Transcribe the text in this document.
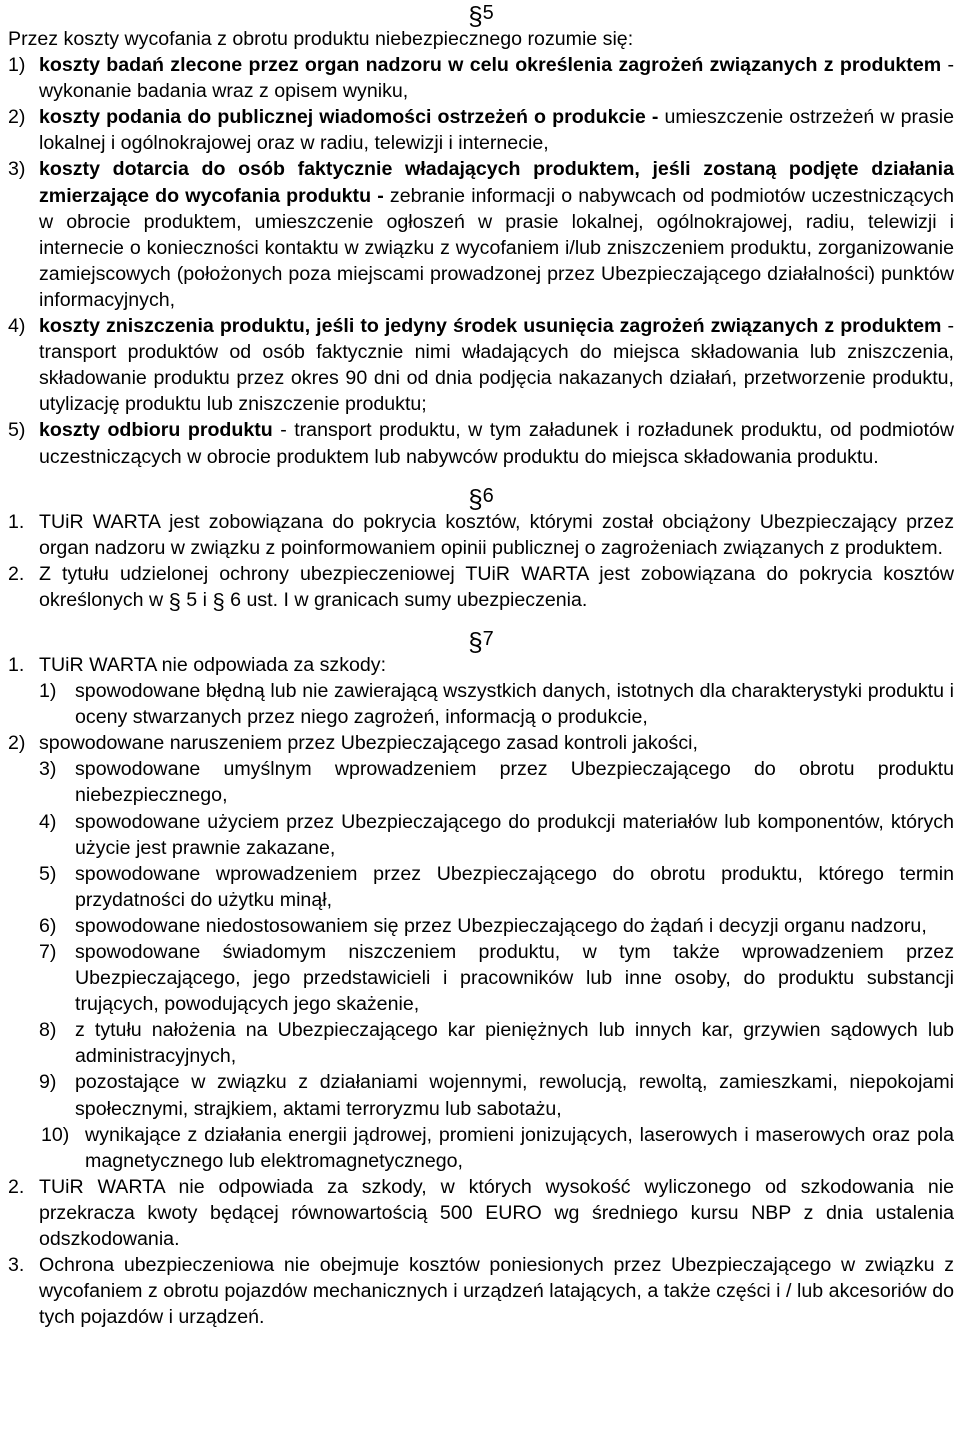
§5

Przez koszty wycofania z obrotu produktu niebezpiecznego rozumie się:

1) koszty badań zlecone przez organ nadzoru w celu określenia zagrożeń związanych z produktem - wykonanie badania wraz z opisem wyniku,

2) koszty podania do publicznej wiadomości ostrzeżeń o produkcie - umieszczenie ostrzeżeń w prasie lokalnej i ogólnokrajowej oraz w radiu, telewizji i internecie,

3) koszty dotarcia do osób faktycznie władających produktem, jeśli zostaną podjęte działania zmierzające do wycofania produktu - zebranie informacji o nabywcach od podmiotów uczestniczących w obrocie produktem, umieszczenie ogłoszeń w prasie lokalnej, ogólnokrajowej, radiu, telewizji i internecie o konieczności kontaktu w związku z wycofaniem i/lub zniszczeniem produktu, zorganizowanie zamiejscowych (położonych poza miejscami prowadzonej przez Ubezpieczającego działalności) punktów informacyjnych,

4) koszty zniszczenia produktu, jeśli to jedyny środek usunięcia zagrożeń związanych z produktem - transport produktów od osób faktycznie nimi władających do miejsca składowania lub zniszczenia, składowanie produktu przez okres 90 dni od dnia podjęcia nakazanych działań, przetworzenie produktu, utylizację produktu lub zniszczenie produktu;

5) koszty odbioru produktu - transport produktu, w tym załadunek i rozładunek produktu, od podmiotów uczestniczących w obrocie produktem lub nabywców produktu do miejsca składowania produktu.

§6

1. TUiR WARTA jest zobowiązana do pokrycia kosztów, którymi został obciążony Ubezpieczający przez organ nadzoru w związku z poinformowaniem opinii publicznej o zagrożeniach związanych z produktem.

2. Z tytułu udzielonej ochrony ubezpieczeniowej TUiR WARTA jest zobowiązana do pokrycia kosztów określonych w § 5 i § 6 ust. I w granicach sumy ubezpieczenia.

§7

1. TUiR WARTA nie odpowiada za szkody:

1) spowodowane błędną lub nie zawierającą wszystkich danych, istotnych dla charakterystyki produktu i oceny stwarzanych przez niego zagrożeń, informacją o produkcie,

2) spowodowane naruszeniem przez Ubezpieczającego zasad kontroli jakości,

3) spowodowane umyślnym wprowadzeniem przez Ubezpieczającego do obrotu produktu niebezpiecznego,

4) spowodowane użyciem przez Ubezpieczającego do produkcji materiałów lub komponentów, których użycie jest prawnie zakazane,

5) spowodowane wprowadzeniem przez Ubezpieczającego do obrotu produktu, którego termin przydatności do użytku minął,

6) spowodowane niedostosowaniem się przez Ubezpieczającego do żądań i decyzji organu nadzoru,

7) spowodowane świadomym niszczeniem produktu, w tym także wprowadzeniem przez Ubezpieczającego, jego przedstawicieli i pracowników lub inne osoby, do produktu substancji trujących, powodujących jego skażenie,

8) z tytułu nałożenia na Ubezpieczającego kar pieniężnych lub innych kar, grzywien sądowych lub administracyjnych,

9) pozostające w związku z działaniami wojennymi, rewolucją, rewoltą, zamieszkami, niepokojami społecznymi, strajkiem, aktami terroryzmu lub sabotażu,

10) wynikające z działania energii jądrowej, promieni jonizujących, laserowych i maserowych oraz pola magnetycznego lub elektromagnetycznego,

2. TUiR WARTA nie odpowiada za szkody, w których wysokość wyliczonego od szkodowania nie przekracza kwoty będącej równowartością 500 EURO wg średniego kursu NBP z dnia ustalenia odszkodowania.

3. Ochrona ubezpieczeniowa nie obejmuje kosztów poniesionych przez Ubezpieczającego w związku z wycofaniem z obrotu pojazdów mechanicznych i urządzeń latających, a także części i / lub akcesoriów do tych pojazdów i urządzeń.
